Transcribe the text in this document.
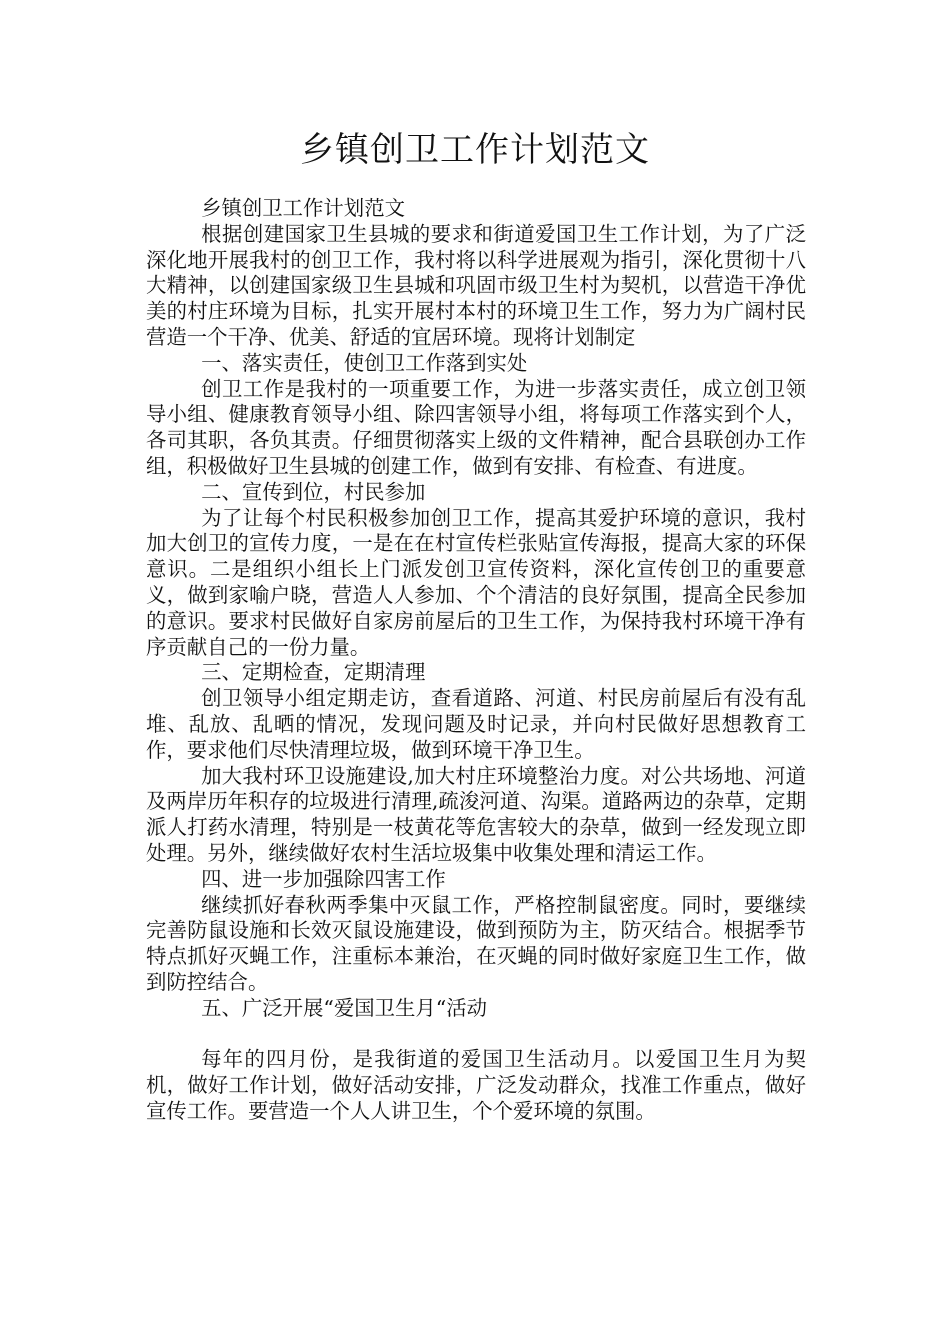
乡镇创卫工作计划范文

乡镇创卫工作计划范文

根据创建国家卫生县城的要求和街道爱国卫生工作计划，为了广泛深化地开展我村的创卫工作，我村将以科学进展观为指引，深化贯彻十八大精神，以创建国家级卫生县城和巩固市级卫生村为契机，以营造干净优美的村庄环境为目标，扎实开展村本村的环境卫生工作，努力为广阔村民营造一个干净、优美、舒适的宜居环境。现将计划制定

一、落实责任，使创卫工作落到实处

创卫工作是我村的一项重要工作，为进一步落实责任，成立创卫领导小组、健康教育领导小组、除四害领导小组，将每项工作落实到个人，各司其职，各负其责。仔细贯彻落实上级的文件精神，配合县联创办工作组，积极做好卫生县城的创建工作，做到有安排、有检查、有进度。

二、宣传到位，村民参加

为了让每个村民积极参加创卫工作，提高其爱护环境的意识，我村加大创卫的宣传力度，一是在在村宣传栏张贴宣传海报，提高大家的环保意识。二是组织小组长上门派发创卫宣传资料，深化宣传创卫的重要意义，做到家喻户晓，营造人人参加、个个清洁的良好氛围，提高全民参加的意识。要求村民做好自家房前屋后的卫生工作，为保持我村环境干净有序贡献自己的一份力量。

三、定期检查，定期清理

创卫领导小组定期走访，查看道路、河道、村民房前屋后有没有乱堆、乱放、乱晒的情况，发现问题及时记录，并向村民做好思想教育工作，要求他们尽快清理垃圾，做到环境干净卫生。

加大我村环卫设施建设,加大村庄环境整治力度。对公共场地、河道及两岸历年积存的垃圾进行清理,疏浚河道、沟渠。道路两边的杂草，定期派人打药水清理，特别是一枝黄花等危害较大的杂草，做到一经发现立即处理。另外，继续做好农村生活垃圾集中收集处理和清运工作。

四、进一步加强除四害工作

继续抓好春秋两季集中灭鼠工作，严格控制鼠密度。同时，要继续完善防鼠设施和长效灭鼠设施建设，做到预防为主，防灭结合。根据季节特点抓好灭蝇工作，注重标本兼治，在灭蝇的同时做好家庭卫生工作，做到防控结合。

五、广泛开展“爱国卫生月“活动

每年的四月份，是我街道的爱国卫生活动月。以爱国卫生月为契机，做好工作计划，做好活动安排，广泛发动群众，找准工作重点，做好宣传工作。要营造一个人人讲卫生，个个爱环境的氛围。
